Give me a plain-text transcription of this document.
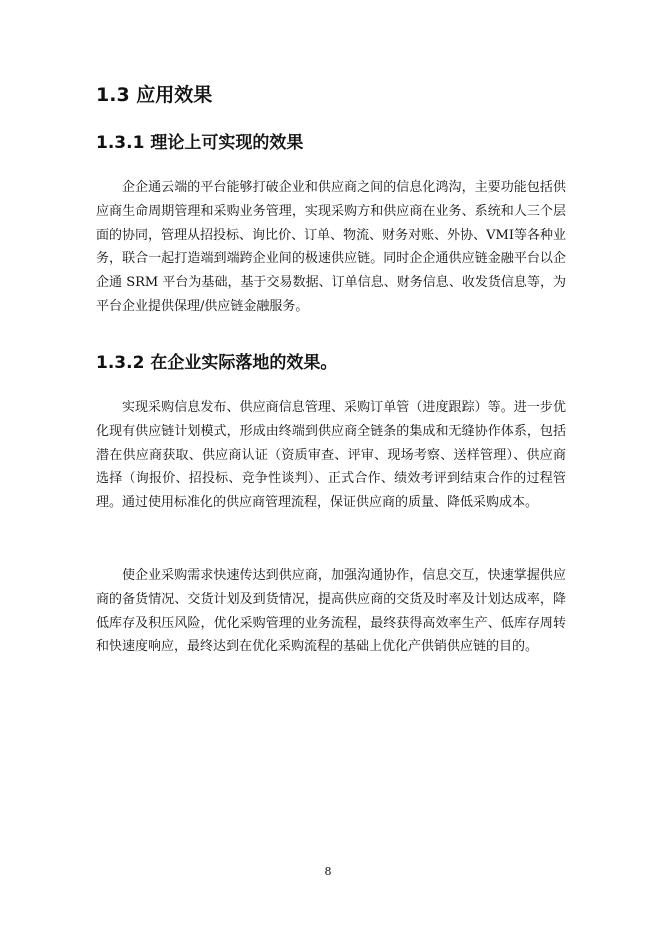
1.3 应用效果
1.3.1 理论上可实现的效果

企企通云端的平台能够打破企业和供应商之间的信息化鸿沟，主要功能包括供应商生命周期管理和采购业务管理，实现采购方和供应商在业务、系统和人三个层面的协同，管理从招投标、询比价、订单、物流、财务对账、外协、VMI等各种业务，联合一起打造端到端跨企业间的极速供应链。同时企企通供应链金融平台以企企通 SRM 平台为基础，基于交易数据、订单信息、财务信息、收发货信息等，为平台企业提供保理/供应链金融服务。

1.3.2 在企业实际落地的效果。

实现采购信息发布、供应商信息管理、采购订单管（进度跟踪）等。进一步优化现有供应链计划模式，形成由终端到供应商全链条的集成和无缝协作体系，包括潜在供应商获取、供应商认证（资质审查、评审、现场考察、送样管理）、供应商选择（询报价、招投标、竞争性谈判）、正式合作、绩效考评到结束合作的过程管理。通过使用标准化的供应商管理流程，保证供应商的质量、降低采购成本。

使企业采购需求快速传达到供应商，加强沟通协作，信息交互，快速掌握供应商的备货情况、交货计划及到货情况，提高供应商的交货及时率及计划达成率，降低库存及积压风险，优化采购管理的业务流程，最终获得高效率生产、低库存周转和快速度响应，最终达到在优化采购流程的基础上优化产供销供应链的目的。

8
